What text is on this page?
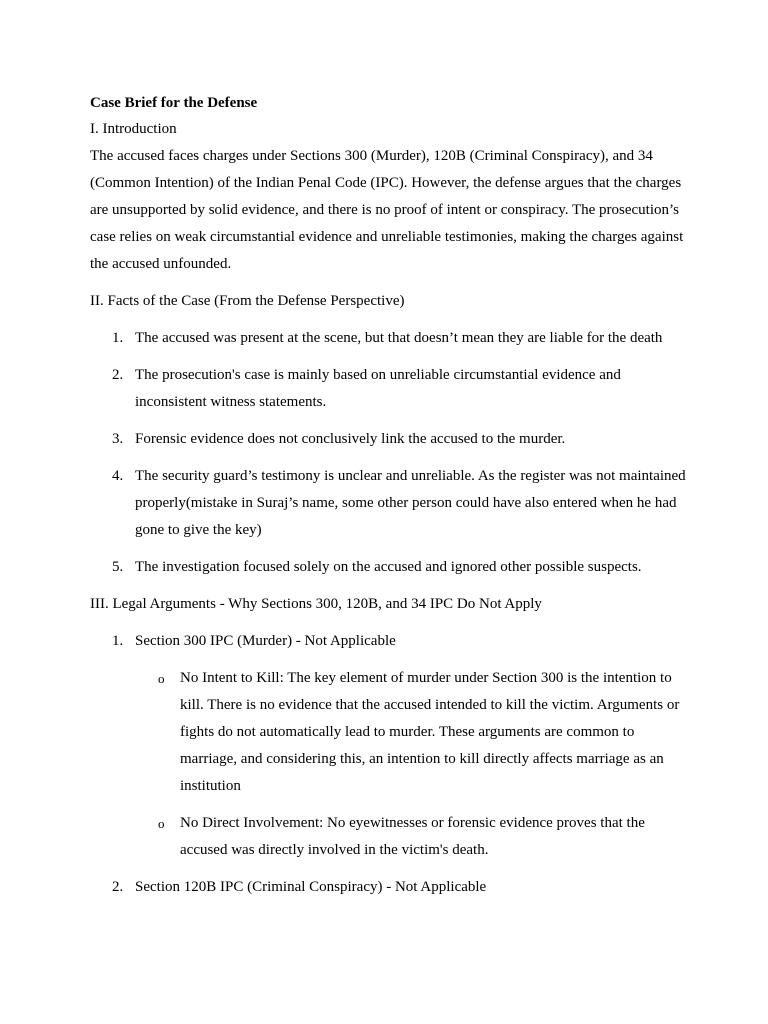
Case Brief for the Defense
I. Introduction
The accused faces charges under Sections 300 (Murder), 120B (Criminal Conspiracy), and 34 (Common Intention) of the Indian Penal Code (IPC). However, the defense argues that the charges are unsupported by solid evidence, and there is no proof of intent or conspiracy. The prosecution’s case relies on weak circumstantial evidence and unreliable testimonies, making the charges against the accused unfounded.
II. Facts of the Case (From the Defense Perspective)
1. The accused was present at the scene, but that doesn’t mean they are liable for the death
2. The prosecution's case is mainly based on unreliable circumstantial evidence and inconsistent witness statements.
3. Forensic evidence does not conclusively link the accused to the murder.
4. The security guard’s testimony is unclear and unreliable. As the register was not maintained properly(mistake in Suraj’s name, some other person could have also entered when he had gone to give the key)
5. The investigation focused solely on the accused and ignored other possible suspects.
III. Legal Arguments - Why Sections 300, 120B, and 34 IPC Do Not Apply
1. Section 300 IPC (Murder) - Not Applicable
o No Intent to Kill: The key element of murder under Section 300 is the intention to kill. There is no evidence that the accused intended to kill the victim. Arguments or fights do not automatically lead to murder. These arguments are common to marriage, and considering this, an intention to kill directly affects marriage as an institution
o No Direct Involvement: No eyewitnesses or forensic evidence proves that the accused was directly involved in the victim's death.
2. Section 120B IPC (Criminal Conspiracy) - Not Applicable
